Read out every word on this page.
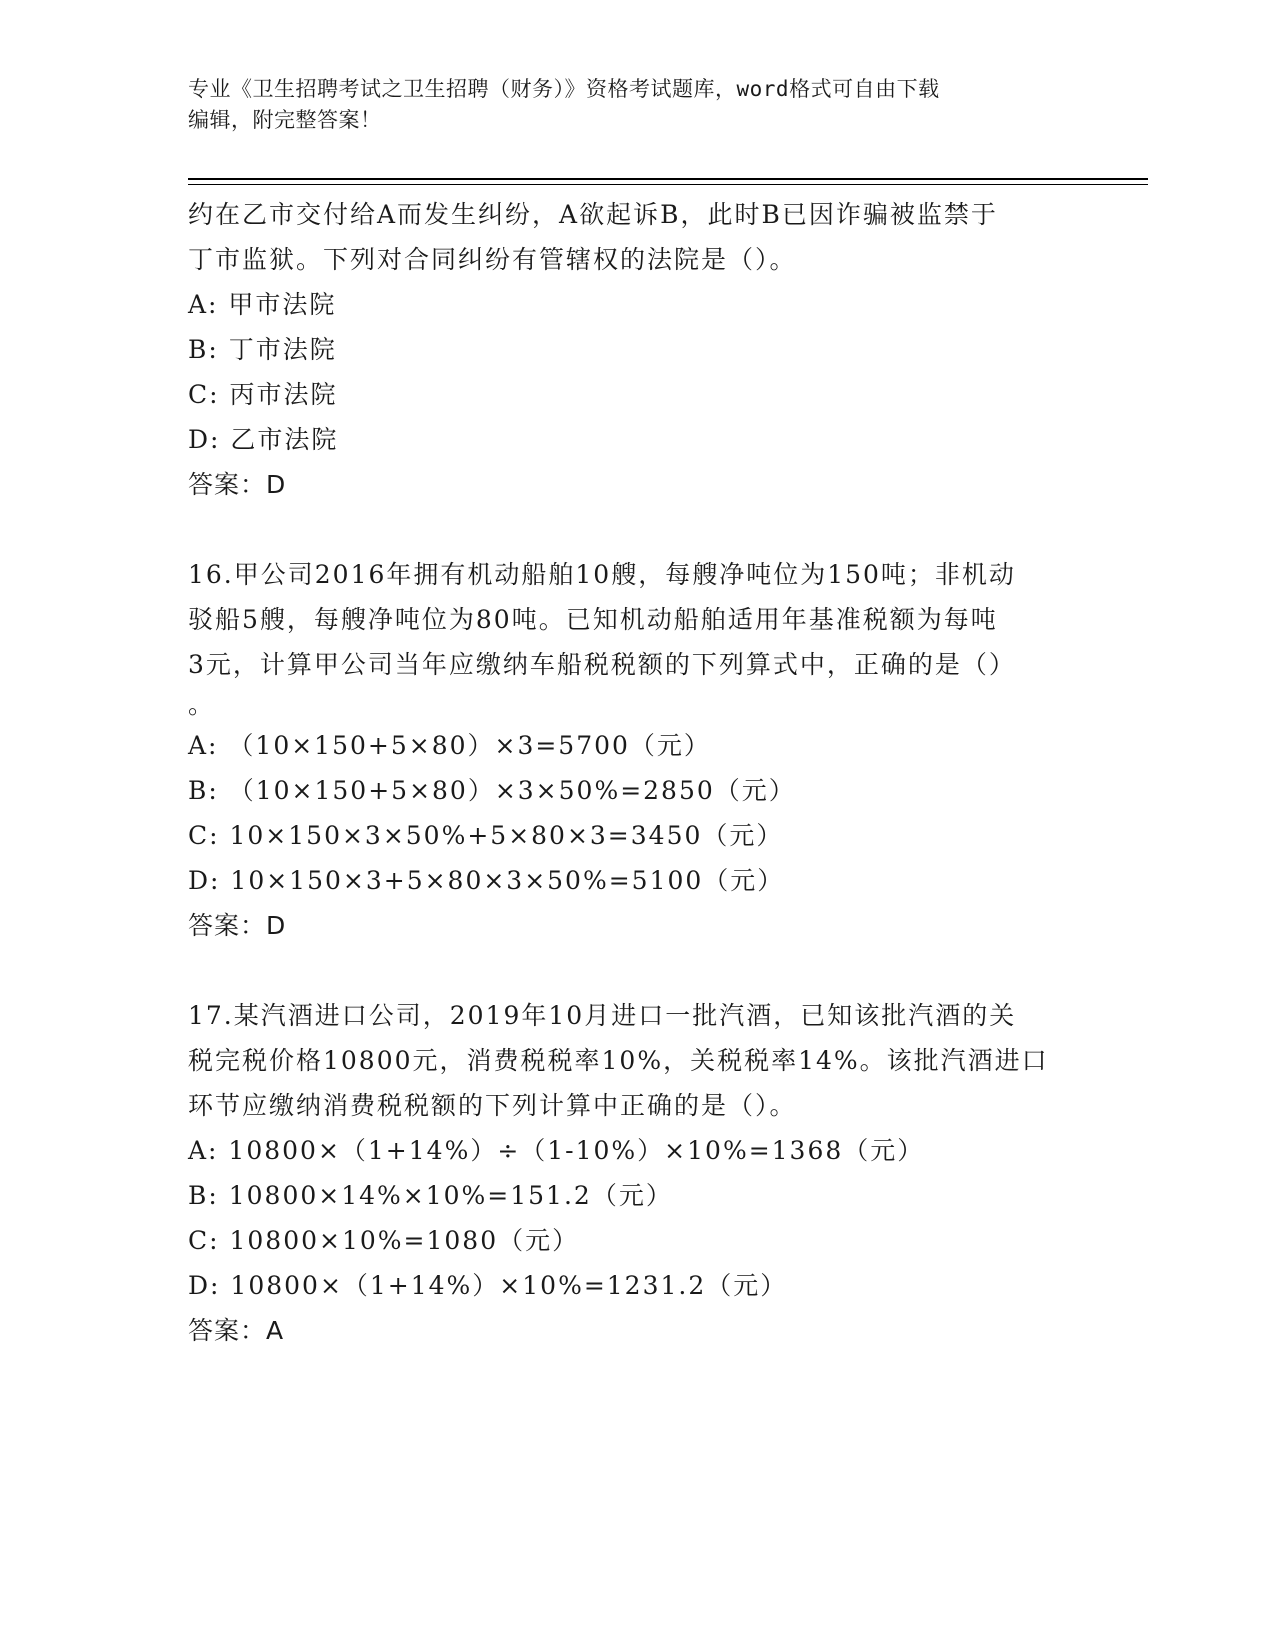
专业《卫生招聘考试之卫生招聘（财务）》资格考试题库，word格式可自由下载
编辑，附完整答案！
约在乙市交付给A而发生纠纷，A欲起诉B，此时B已因诈骗被监禁于
丁市监狱。下列对合同纠纷有管辖权的法院是（）。
A: 甲市法院
B: 丁市法院
C: 丙市法院
D: 乙市法院
答案：D
16.甲公司2016年拥有机动船舶10艘，每艘净吨位为150吨；非机动
驳船5艘，每艘净吨位为80吨。已知机动船舶适用年基准税额为每吨
3元，计算甲公司当年应缴纳车船税税额的下列算式中，正确的是（）
。
A: （10×150+5×80）×3=5700（元）
B: （10×150+5×80）×3×50%=2850（元）
C: 10×150×3×50%+5×80×3=3450（元）
D: 10×150×3+5×80×3×50%=5100（元）
答案：D
17.某汽酒进口公司，2019年10月进口一批汽酒，已知该批汽酒的关
税完税价格10800元，消费税税率10%，关税税率14%。该批汽酒进口
环节应缴纳消费税税额的下列计算中正确的是（）。
A: 10800×（1+14%）÷（1-10%）×10%=1368（元）
B: 10800×14%×10%=151.2（元）
C: 10800×10%=1080（元）
D: 10800×（1+14%）×10%=1231.2（元）
答案：A
